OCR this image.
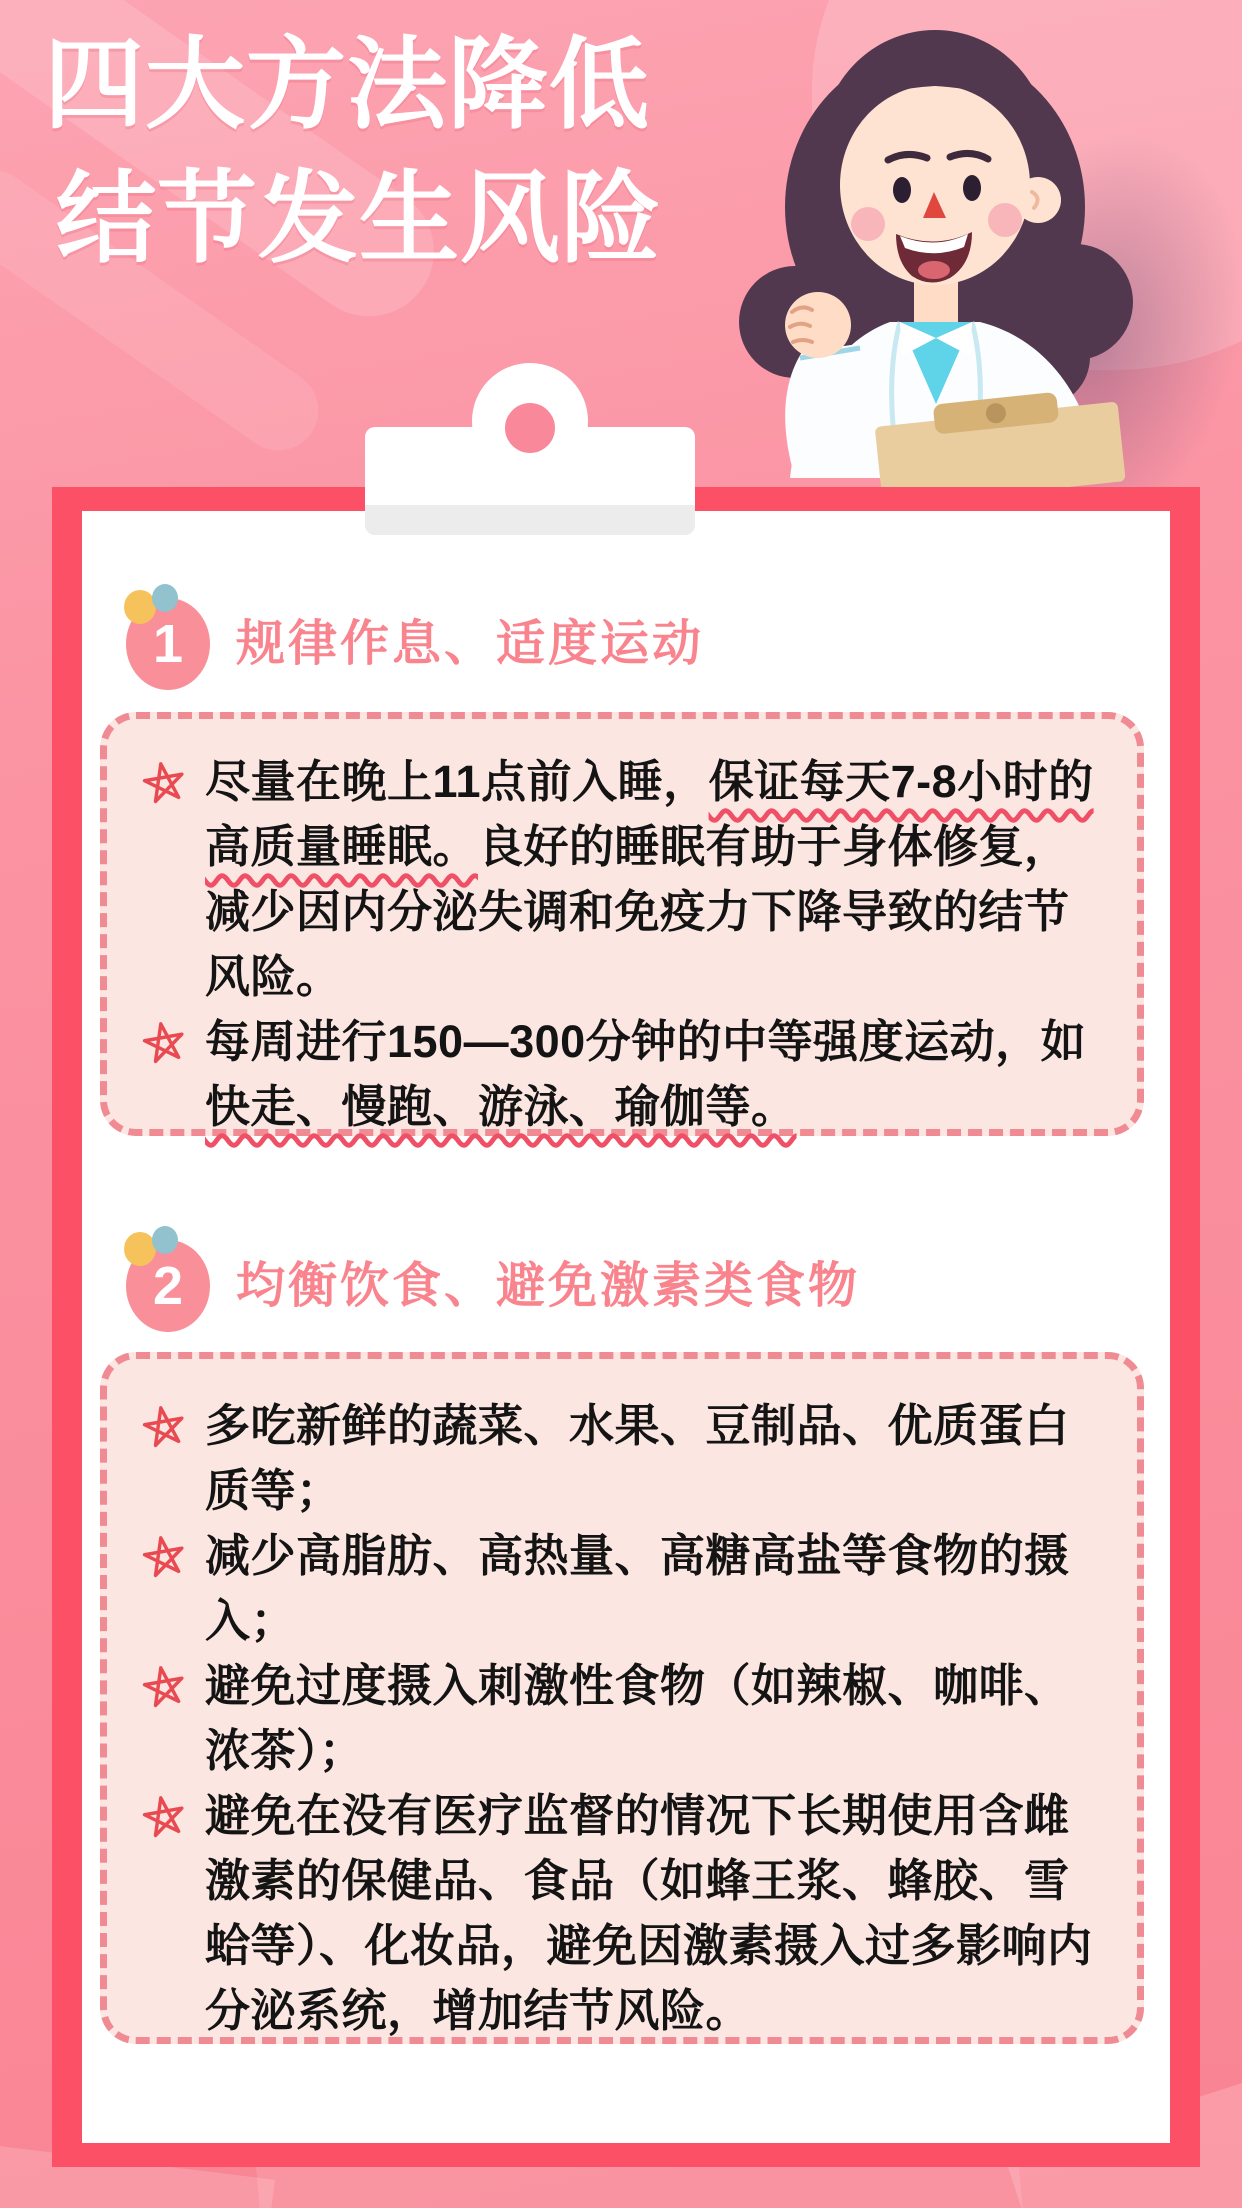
四大方法降低
结节发生风险
1 规律作息、适度运动

尽量在晚上11点前入睡，保证每天7-8小时的高质量睡眠。良好的睡眠有助于身体修复，减少因内分泌失调和免疫力下降导致的结节风险。

每周进行150—300分钟的中等强度运动，如快走、慢跑、游泳、瑜伽等。

2 均衡饮食、避免激素类食物

多吃新鲜的蔬菜、水果、豆制品、优质蛋白质等；

减少高脂肪、高热量、高糖高盐等食物的摄入；

避免过度摄入刺激性食物（如辣椒、咖啡、浓茶）；

避免在没有医疗监督的情况下长期使用含雌激素的保健品、食品（如蜂王浆、蜂胶、雪蛤等）、化妆品，避免因激素摄入过多影响内分泌系统，增加结节风险。
